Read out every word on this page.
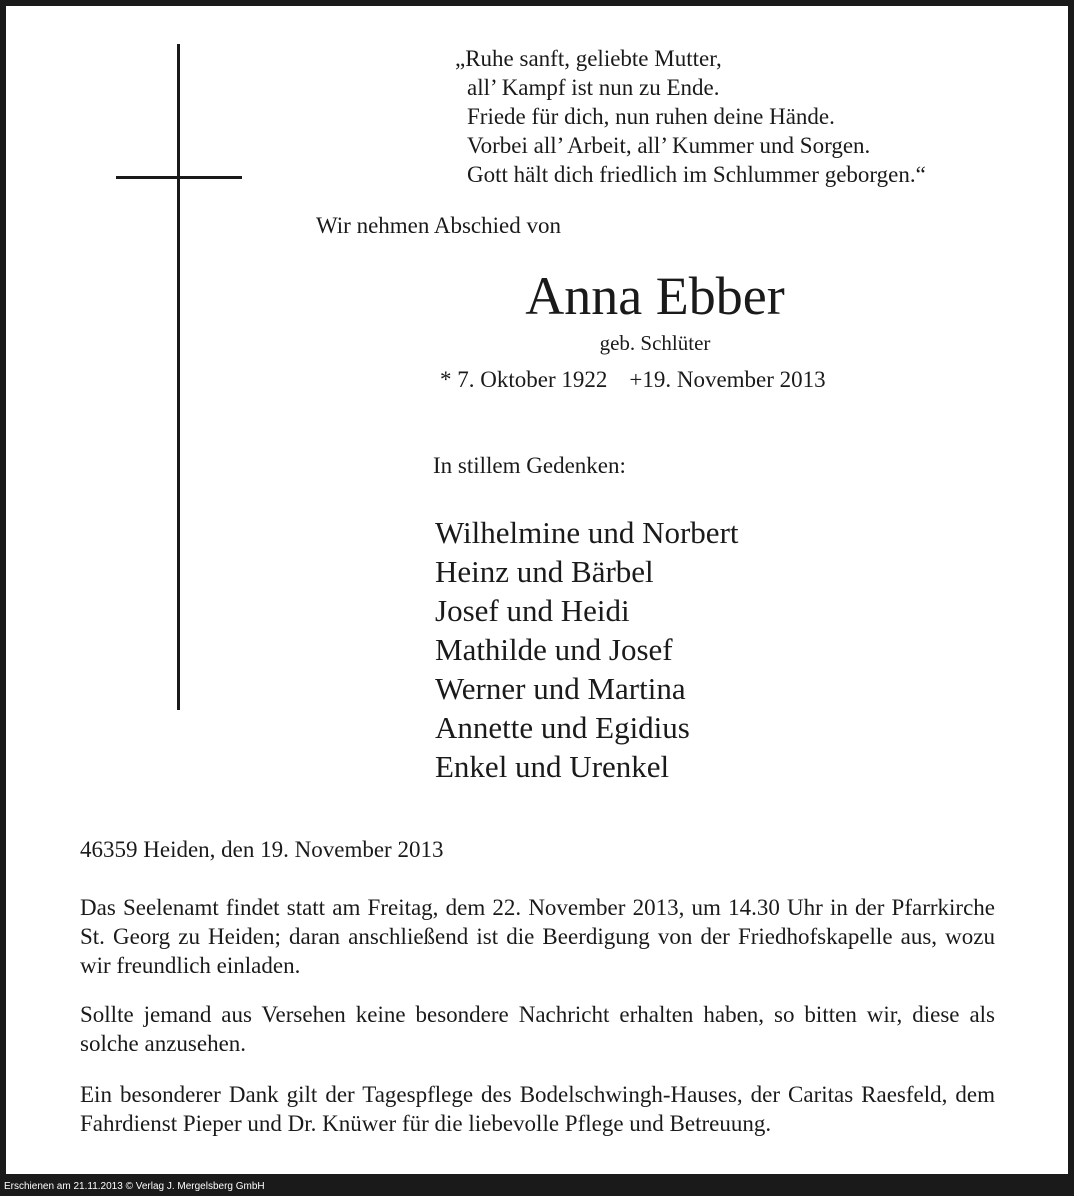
„Ruhe sanft, geliebte Mutter,
all’ Kampf ist nun zu Ende.
Friede für dich, nun ruhen deine Hände.
Vorbei all’ Arbeit, all’ Kummer und Sorgen.
Gott hält dich friedlich im Schlummer geborgen.“
Wir nehmen Abschied von
Anna Ebber
geb. Schlüter
* 7. Oktober 1922 +19. November 2013
In stillem Gedenken:
Wilhelmine und Norbert
Heinz und Bärbel
Josef und Heidi
Mathilde und Josef
Werner und Martina
Annette und Egidius
Enkel und Urenkel
46359 Heiden, den 19. November 2013
Das Seelenamt findet statt am Freitag, dem 22. November 2013, um 14.30 Uhr in der Pfarrkirche St. Georg zu Heiden; daran anschließend ist die Beerdigung von der Friedhofskapelle aus, wozu wir freundlich einladen.
Sollte jemand aus Versehen keine besondere Nachricht erhalten haben, so bitten wir, diese als solche anzusehen.
Ein besonderer Dank gilt der Tagespflege des Bodelschwingh-Hauses, der Caritas Raesfeld, dem Fahrdienst Pieper und Dr. Knüwer für die liebevolle Pflege und Betreuung.
Erschienen am 21.11.2013 © Verlag J. Mergelsberg GmbH
